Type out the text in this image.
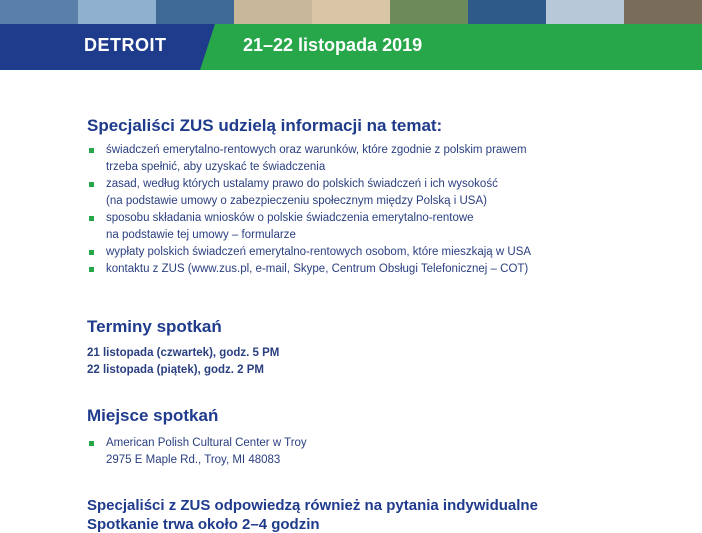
DETROIT	21–22 listopada 2019
Specjaliści ZUS udzielą informacji na temat:
świadczeń emerytalno-rentowych oraz warunków, które zgodnie z polskim prawem
trzeba spełnić, aby uzyskać te świadczenia
zasad, według których ustalamy prawo do polskich świadczeń i ich wysokość
(na podstawie umowy o zabezpieczeniu społecznym między Polską i USA)
sposobu składania wniosków o polskie świadczenia emerytalno-rentowe
na podstawie tej umowy – formularze
wypłaty polskich świadczeń emerytalno-rentowych osobom, które mieszkają w USA
kontaktu z ZUS (www.zus.pl, e-mail, Skype, Centrum Obsługi Telefonicznej – COT)
Terminy spotkań
21 listopada (czwartek), godz. 5 PM
22 listopada (piątek), godz. 2 PM
Miejsce spotkań
American Polish Cultural Center w Troy
2975 E Maple Rd., Troy, MI 48083
Specjaliści z ZUS odpowiedzą również na pytania indywidualne
Spotkanie trwa około 2–4 godzin
